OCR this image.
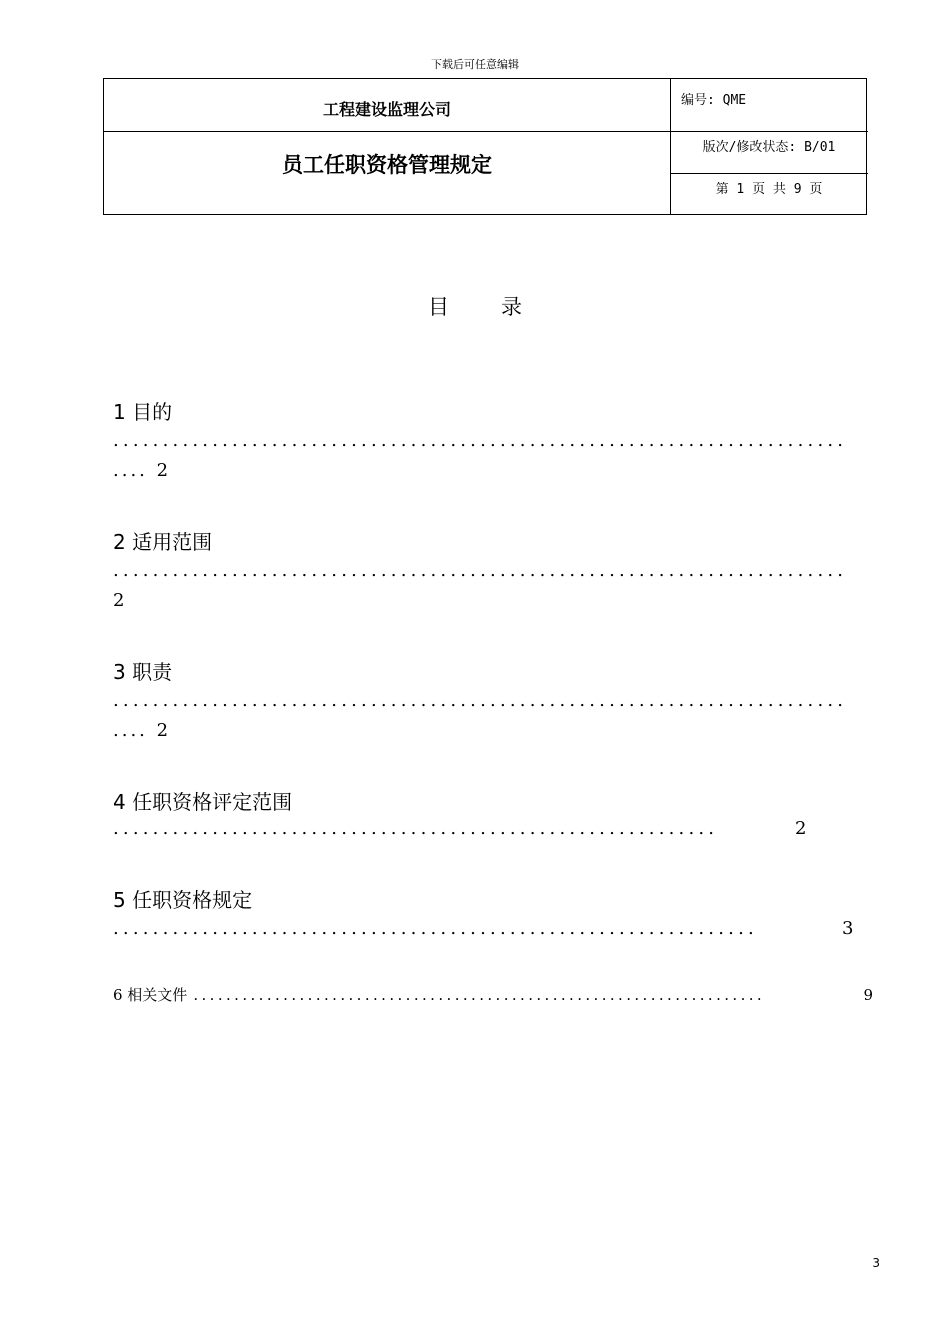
下载后可任意编辑
工程建设监理公司
员工任职资格管理规定
编号: QME
版次/修改状态: B/01
第 1 页 共 9 页
目录
1 目的
..........................................................................
.... 2
2 适用范围
..........................................................................
2
3 职责
..........................................................................
.... 2
4 任职资格评定范围
.............................................................	2
5 任职资格规定
.................................................................	3
6 相关文件 ......................................................................	9
3
